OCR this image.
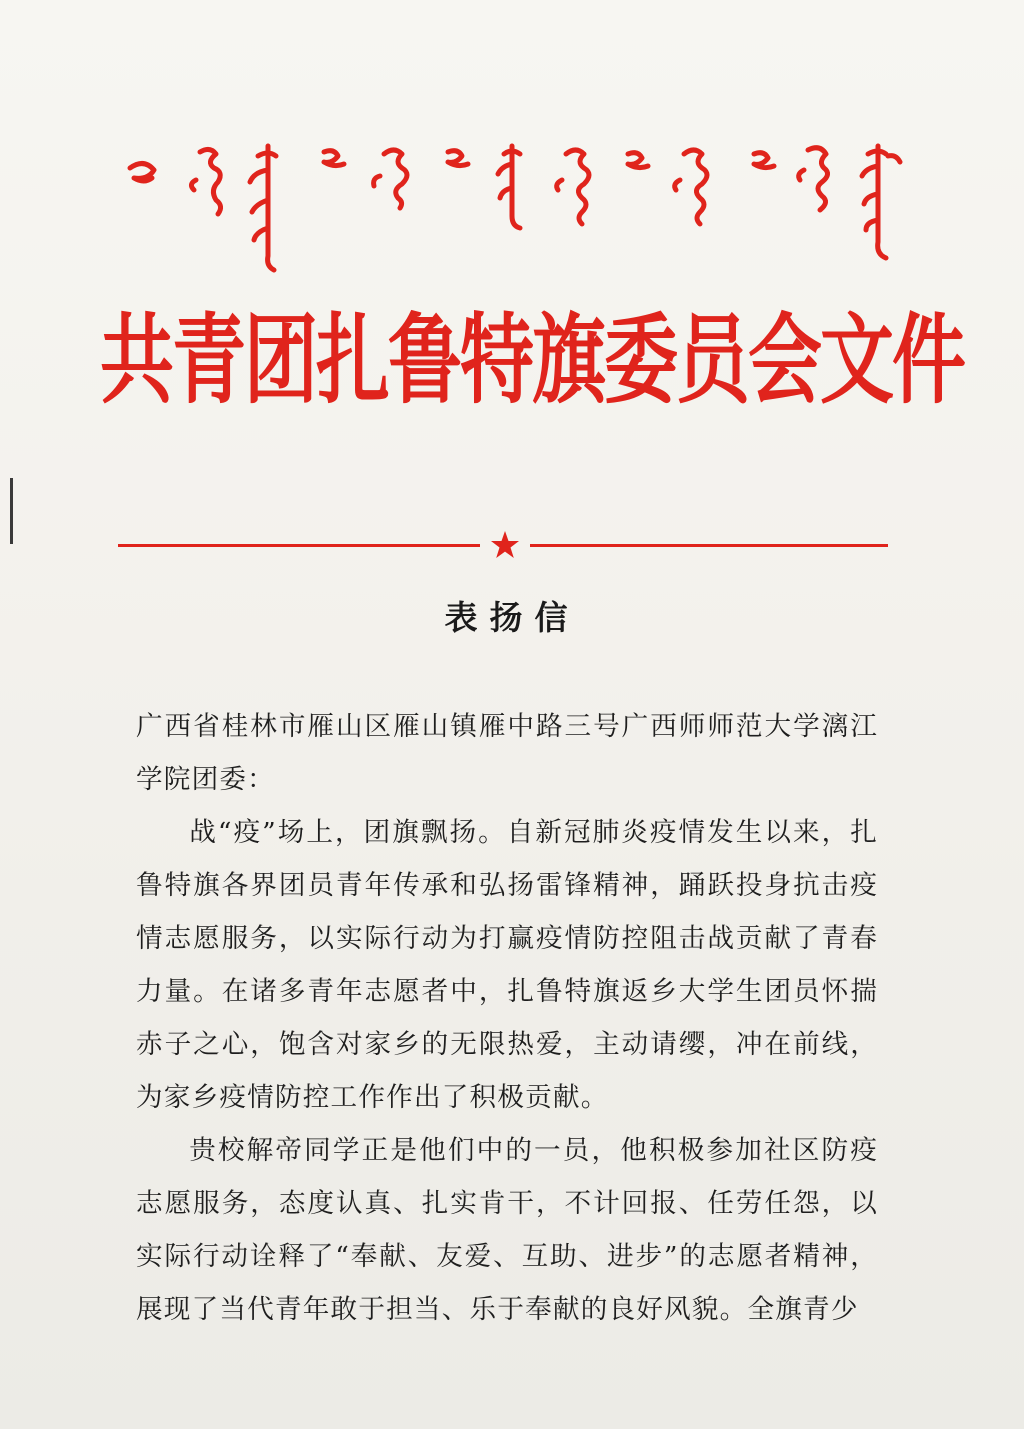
共青团扎鲁特旗委员会文件
表扬信

广西省桂林市雁山区雁山镇雁中路三号广西师师范大学漓江学院团委：

战“疫”场上，团旗飘扬。自新冠肺炎疫情发生以来，扎鲁特旗各界团员青年传承和弘扬雷锋精神，踊跃投身抗击疫情志愿服务，以实际行动为打赢疫情防控阻击战贡献了青春力量。在诸多青年志愿者中，扎鲁特旗返乡大学生团员怀揣赤子之心，饱含对家乡的无限热爱，主动请缨，冲在前线，为家乡疫情防控工作作出了积极贡献。

贵校解帝同学正是他们中的一员，他积极参加社区防疫志愿服务，态度认真、扎实肯干，不计回报、任劳任怨，以实际行动诠释了“奉献、友爱、互助、进步”的志愿者精神，展现了当代青年敢于担当、乐于奉献的良好风貌。全旗青少
